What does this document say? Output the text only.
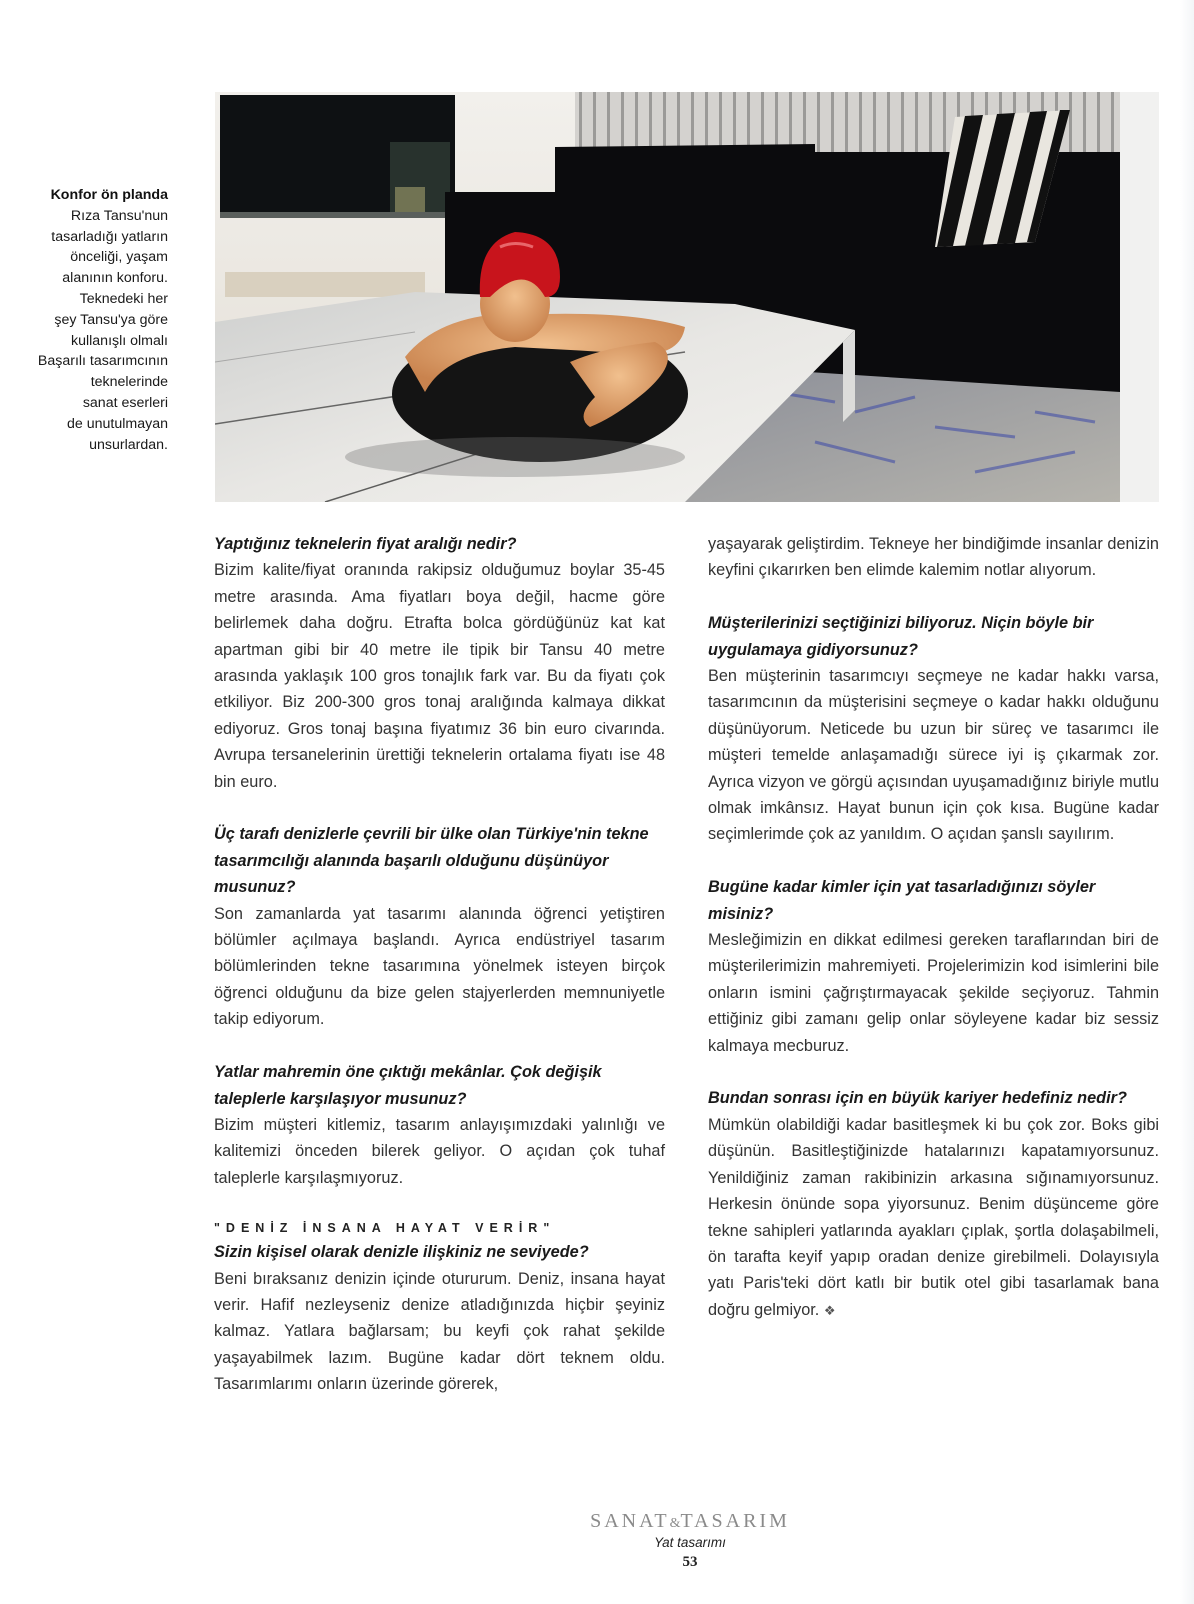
Konfor ön planda
Rıza Tansu'nun
tasarladığı yatların
önceliği, yaşam
alanının konforu.
Teknedeki her
şey Tansu'ya göre
kullanışlı olmalı
Başarılı tasarımcının
teknelerinde
sanat eserleri
de unutulmayan
unsurlardan.

Yaptığınız teknelerin fiyat aralığı nedir?

Bizim kalite/fiyat oranında rakipsiz olduğumuz boylar 35-45 metre arasında. Ama fiyatları boya değil, hacme göre belirlemek daha doğru. Etrafta bolca gördüğünüz kat kat apartman gibi bir 40 metre ile tipik bir Tansu 40 metre arasında yaklaşık 100 gros tonajlık fark var. Bu da fiyatı çok etkiliyor. Biz 200-300 gros tonaj aralığında kalmaya dikkat ediyoruz. Gros tonaj başına fiyatımız 36 bin euro civarında. Avrupa tersanelerinin ürettiği teknelerin ortalama fiyatı ise 48 bin euro.

Üç tarafı denizlerle çevrili bir ülke olan Türkiye'nin tekne tasarımcılığı alanında başarılı olduğunu düşünüyor musunuz?

Son zamanlarda yat tasarımı alanında öğrenci yetiştiren bölümler açılmaya başlandı. Ayrıca endüstriyel tasarım bölümlerinden tekne tasarımına yönelmek isteyen birçok öğrenci olduğunu da bize gelen stajyerlerden memnuniyetle takip ediyorum.

Yatlar mahremin öne çıktığı mekânlar. Çok değişik taleplerle karşılaşıyor musunuz?

Bizim müşteri kitlemiz, tasarım anlayışımızdaki yalınlığı ve kalitemizi önceden bilerek geliyor. O açıdan çok tuhaf taleplerle karşılaşmıyoruz.

"DENİZ İNSANA HAYAT VERİR"

Sizin kişisel olarak denizle ilişkiniz ne seviyede?

Beni bıraksanız denizin içinde otururum. Deniz, insana hayat verir. Hafif nezleyseniz denize atladığınızda hiçbir şeyiniz kalmaz. Yatlara bağlarsam; bu keyfi çok rahat şekilde yaşayabilmek lazım. Bugüne kadar dört teknem oldu. Tasarımlarımı onların üzerinde görerek,

yaşayarak geliştirdim. Tekneye her bindiğimde insanlar denizin keyfini çıkarırken ben elimde kalemim notlar alıyorum.

Müşterilerinizi seçtiğinizi biliyoruz. Niçin böyle bir uygulamaya gidiyorsunuz?

Ben müşterinin tasarımcıyı seçmeye ne kadar hakkı varsa, tasarımcının da müşterisini seçmeye o kadar hakkı olduğunu düşünüyorum. Neticede bu uzun bir süreç ve tasarımcı ile müşteri temelde anlaşamadığı sürece iyi iş çıkarmak zor. Ayrıca vizyon ve görgü açısından uyuşamadığınız biriyle mutlu olmak imkânsız. Hayat bunun için çok kısa. Bugüne kadar seçimlerimde çok az yanıldım. O açıdan şanslı sayılırım.

Bugüne kadar kimler için yat tasarladığınızı söyler misiniz?

Mesleğimizin en dikkat edilmesi gereken taraflarından biri de müşterilerimizin mahremiyeti. Projelerimizin kod isimlerini bile onların ismini çağrıştırmayacak şekilde seçiyoruz. Tahmin ettiğiniz gibi zamanı gelip onlar söyleyene kadar biz sessiz kalmaya mecburuz.

Bundan sonrası için en büyük kariyer hedefiniz nedir?

Mümkün olabildiği kadar basitleşmek ki bu çok zor. Boks gibi düşünün. Basitleştiğinizde hatalarınızı kapatamıyorsunuz. Yenildiğiniz zaman rakibinizin arkasına sığınamıyorsunuz. Herkesin önünde sopa yiyorsunuz. Benim düşünceme göre tekne sahipleri yatlarında ayakları çıplak, şortla dolaşabilmeli, ön tarafta keyif yapıp oradan denize girebilmeli. Dolayısıyla yatı Paris'teki dört katlı bir butik otel gibi tasarlamak bana doğru gelmiyor. ❖

SANAT&TASARIM
Yat tasarımı
53
